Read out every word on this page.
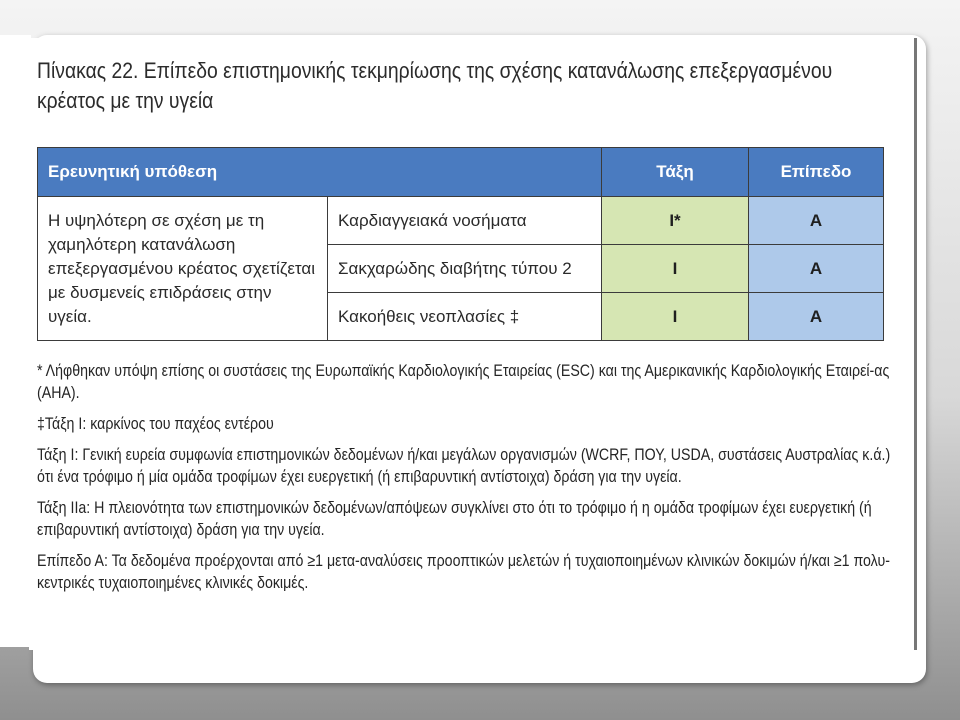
Πίνακας 22. Επίπεδο επιστημονικής τεκμηρίωσης της σχέσης κατανάλωσης επεξεργασμένου
κρέατος με την υγεία
Ερευνητική υπόθεση		Τάξη	Επίπεδο
Η υψηλότερη σε σχέση με τη χαμηλότερη κατανάλωση επεξεργασμένου κρέατος σχετίζεται με δυσμενείς επιδράσεις στην υγεία.	Καρδιαγγειακά νοσήματα	I*	A
	Σακχαρώδης διαβήτης τύπου 2	I	A
	Κακοήθεις νεοπλασίες ‡	I	A

* Λήφθηκαν υπόψη επίσης οι συστάσεις της Ευρωπαϊκής Καρδιολογικής Εταιρείας (ESC) και της Αμερικανικής Καρδιολογικής Εταιρεί-ας (AHA).

‡Τάξη Ι: καρκίνος του παχέος εντέρου

Τάξη Ι: Γενική ευρεία συμφωνία επιστημονικών δεδομένων ή/και μεγάλων οργανισμών (WCRF, ΠΟΥ, USDA, συστάσεις Αυστραλίας κ.ά.) ότι ένα τρόφιμο ή μία ομάδα τροφίμων έχει ευεργετική (ή επιβαρυντική αντίστοιχα) δράση για την υγεία.

Τάξη IIa: Η πλειονότητα των επιστημονικών δεδομένων/απόψεων συγκλίνει στο ότι το τρόφιμο ή η ομάδα τροφίμων έχει ευεργετική (ή επιβαρυντική αντίστοιχα) δράση για την υγεία.

Επίπεδο Α: Τα δεδομένα προέρχονται από ≥1 μετα-αναλύσεις προοπτικών μελετών ή τυχαιοποιημένων κλινικών δοκιμών ή/και ≥1 πολυ-κεντρικές τυχαιοποιημένες κλινικές δοκιμές.
